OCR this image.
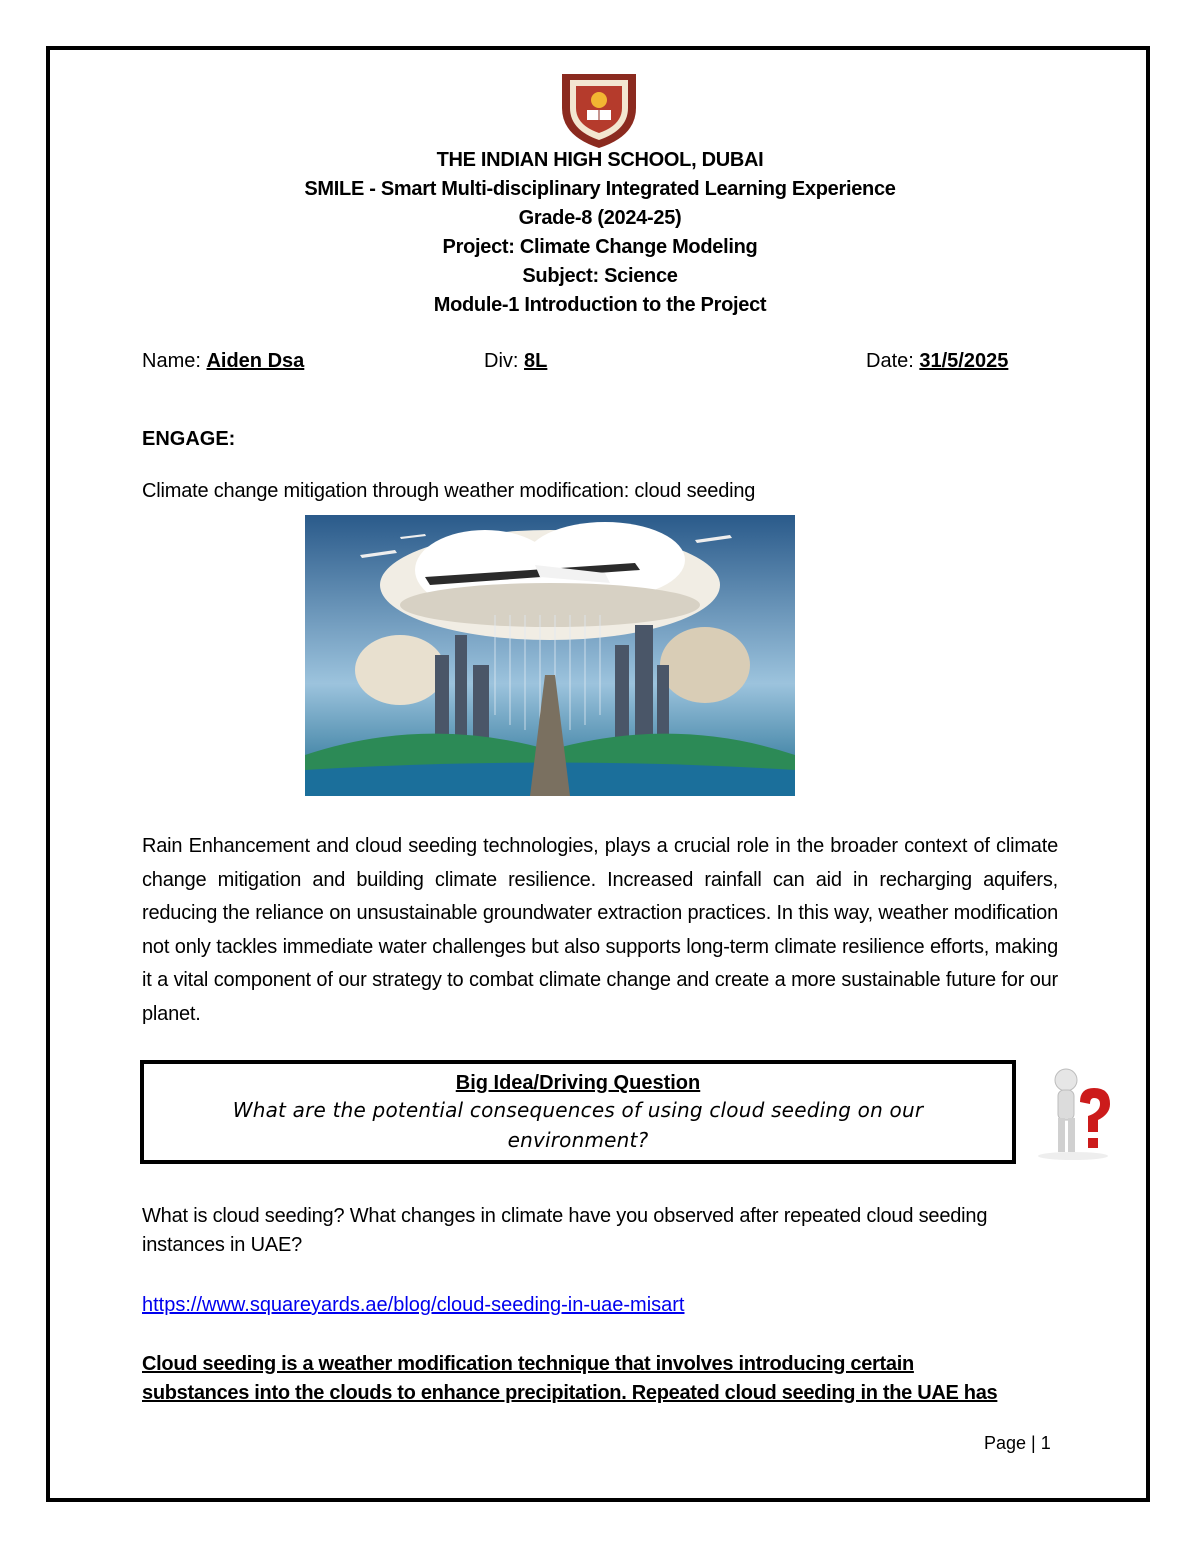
THE INDIAN HIGH SCHOOL, DUBAI
SMILE - Smart Multi-disciplinary Integrated Learning Experience
Grade-8 (2024-25)
Project: Climate Change Modeling
Subject: Science
Module-1 Introduction to the Project
Name: Aiden Dsa	Div: 8L	Date: 31/5/2025
ENGAGE:
Climate change mitigation through weather modification: cloud seeding
Rain Enhancement and cloud seeding technologies, plays a crucial role in the broader context of climate change mitigation and building climate resilience. Increased rainfall can aid in recharging aquifers, reducing the reliance on unsustainable groundwater extraction practices. In this way, weather modification not only tackles immediate water challenges but also supports long-term climate resilience efforts, making it a vital component of our strategy to combat climate change and create a more sustainable future for our planet.
Big Idea/Driving Question
What are the potential consequences of using cloud seeding on our environment?
What is cloud seeding? What changes in climate have you observed after repeated cloud seeding instances in UAE?
https://www.squareyards.ae/blog/cloud-seeding-in-uae-misart
Cloud seeding is a weather modification technique that involves introducing certain
substances into the clouds to enhance precipitation. Repeated cloud seeding in the UAE has
Page | 1
